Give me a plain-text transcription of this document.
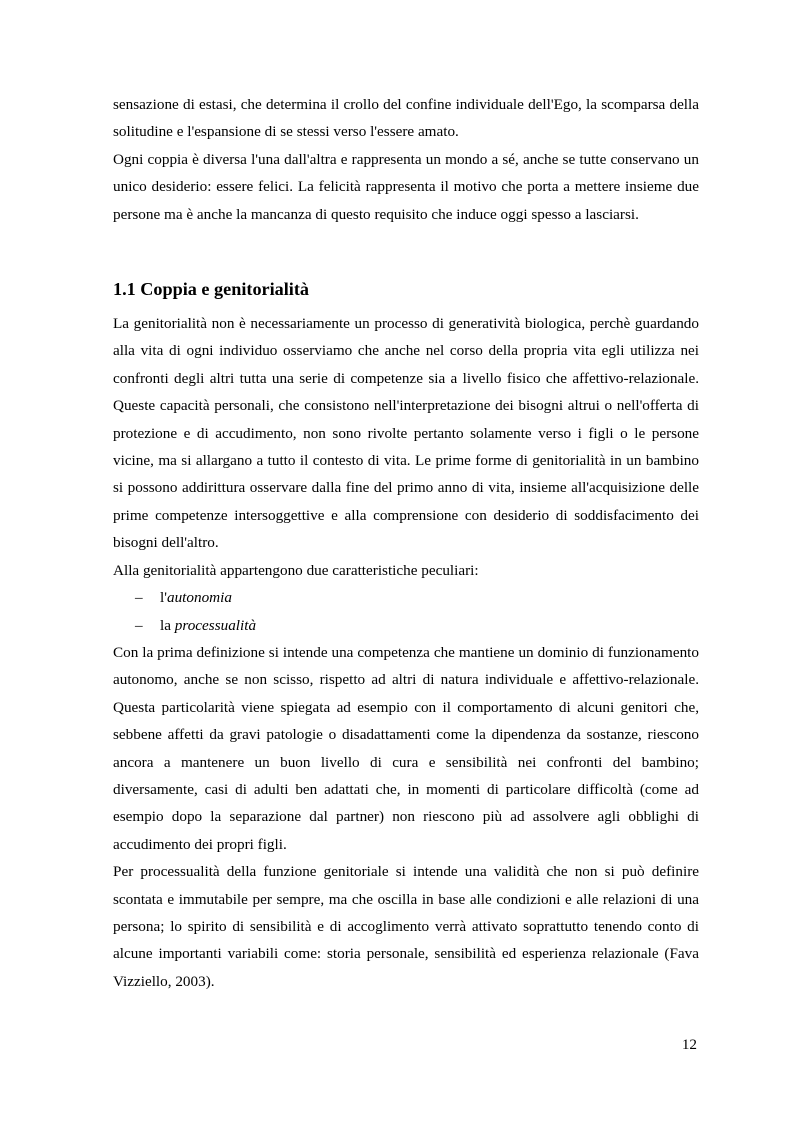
sensazione di estasi, che determina il crollo del confine individuale dell'Ego, la scomparsa della solitudine e l'espansione di se stessi verso l'essere amato.

Ogni coppia è diversa l'una dall'altra e rappresenta un mondo a sé, anche se tutte conservano un unico desiderio: essere felici. La felicità rappresenta il motivo che porta a mettere insieme due persone ma è anche la mancanza di questo requisito che induce oggi spesso a lasciarsi.

1.1 Coppia e genitorialità

La genitorialità non è necessariamente un processo di generatività biologica, perchè guardando alla vita di ogni individuo osserviamo che anche nel corso della propria vita egli utilizza nei confronti degli altri tutta una serie di competenze sia a livello fisico che affettivo-relazionale. Queste capacità personali, che consistono nell'interpretazione dei bisogni altrui o nell'offerta di protezione e di accudimento, non sono rivolte pertanto solamente verso i figli o le persone vicine, ma si allargano a tutto il contesto di vita. Le prime forme di genitorialità in un bambino si possono addirittura osservare dalla fine del primo anno di vita, insieme all'acquisizione delle prime competenze intersoggettive e alla comprensione con desiderio di soddisfacimento dei bisogni dell'altro.

Alla genitorialità appartengono due caratteristiche peculiari:

– l'autonomia
– la processualità

Con la prima definizione si intende una competenza che mantiene un dominio di funzionamento autonomo, anche se non scisso, rispetto ad altri di natura individuale e affettivo-relazionale. Questa particolarità viene spiegata ad esempio con il comportamento di alcuni genitori che, sebbene affetti da gravi patologie o disadattamenti come la dipendenza da sostanze, riescono ancora a mantenere un buon livello di cura e sensibilità nei confronti del bambino; diversamente, casi di adulti ben adattati che, in momenti di particolare difficoltà (come ad esempio dopo la separazione dal partner) non riescono più ad assolvere agli obblighi di accudimento dei propri figli.

Per processualità della funzione genitoriale si intende una validità che non si può definire scontata e immutabile per sempre, ma che oscilla in base alle condizioni e alle relazioni di una persona; lo spirito di sensibilità e di accoglimento verrà attivato soprattutto tenendo conto di alcune importanti variabili come: storia personale, sensibilità ed esperienza relazionale (Fava Vizziello, 2003).

12
